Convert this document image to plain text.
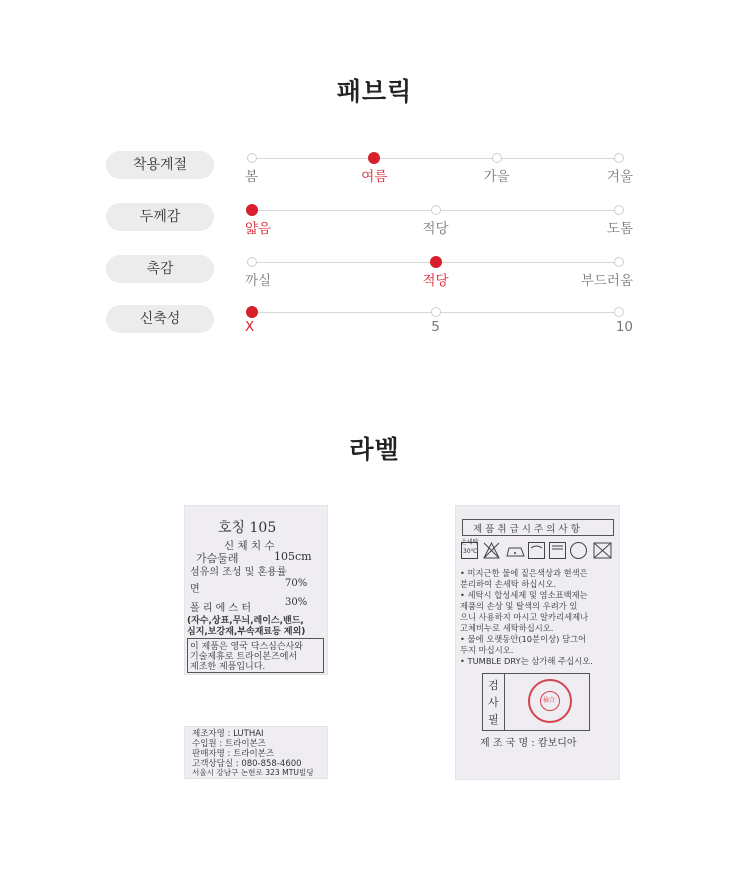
패브릭
착용계절
봄	여름	가을	겨울
두께감
얇음	적당	도톰
촉감
까실	적당	부드러움
신축성	X	5	10
라벨
호칭 105
신 체 치 수
가슴둘레	105cm
섬유의 조성 및 혼용률
면
70%
폴 리 에 스 터
30%
(자수,상표,무늬,레이스,밴드,
심지,보강재,부속재료등 제외)
이 제품은 영국 닥스심슨사와
기술제휴로 트라이본즈에서
제조한 제품입니다.
제조자명 : LUTHAI
수입원 : 트라이본즈
판매자명 : 트라이본즈
고객상담실 : 080-858-4600
서울시 강남구 논현로 323 MTU빌딩
제 품 취 급 시 주 의 사 항
손세탁
30℃
• 미지근한 물에 짙은색상과 현색은
분리하여 손세탁 하십시오.
• 세탁시 합성세제 및 염소표백제는
제품의 손상 및 탈색의 우려가 있
으니 사용하지 마시고 알카리세제나
고체비누로 세탁하십시오.
• 물에 오랫동안(10분이상) 담그어
두지 마십시오.
• TUMBLE DRY는 삼가해 주십시오.
검
사
필
檢合
제 조 국 명 : 캄보디아
